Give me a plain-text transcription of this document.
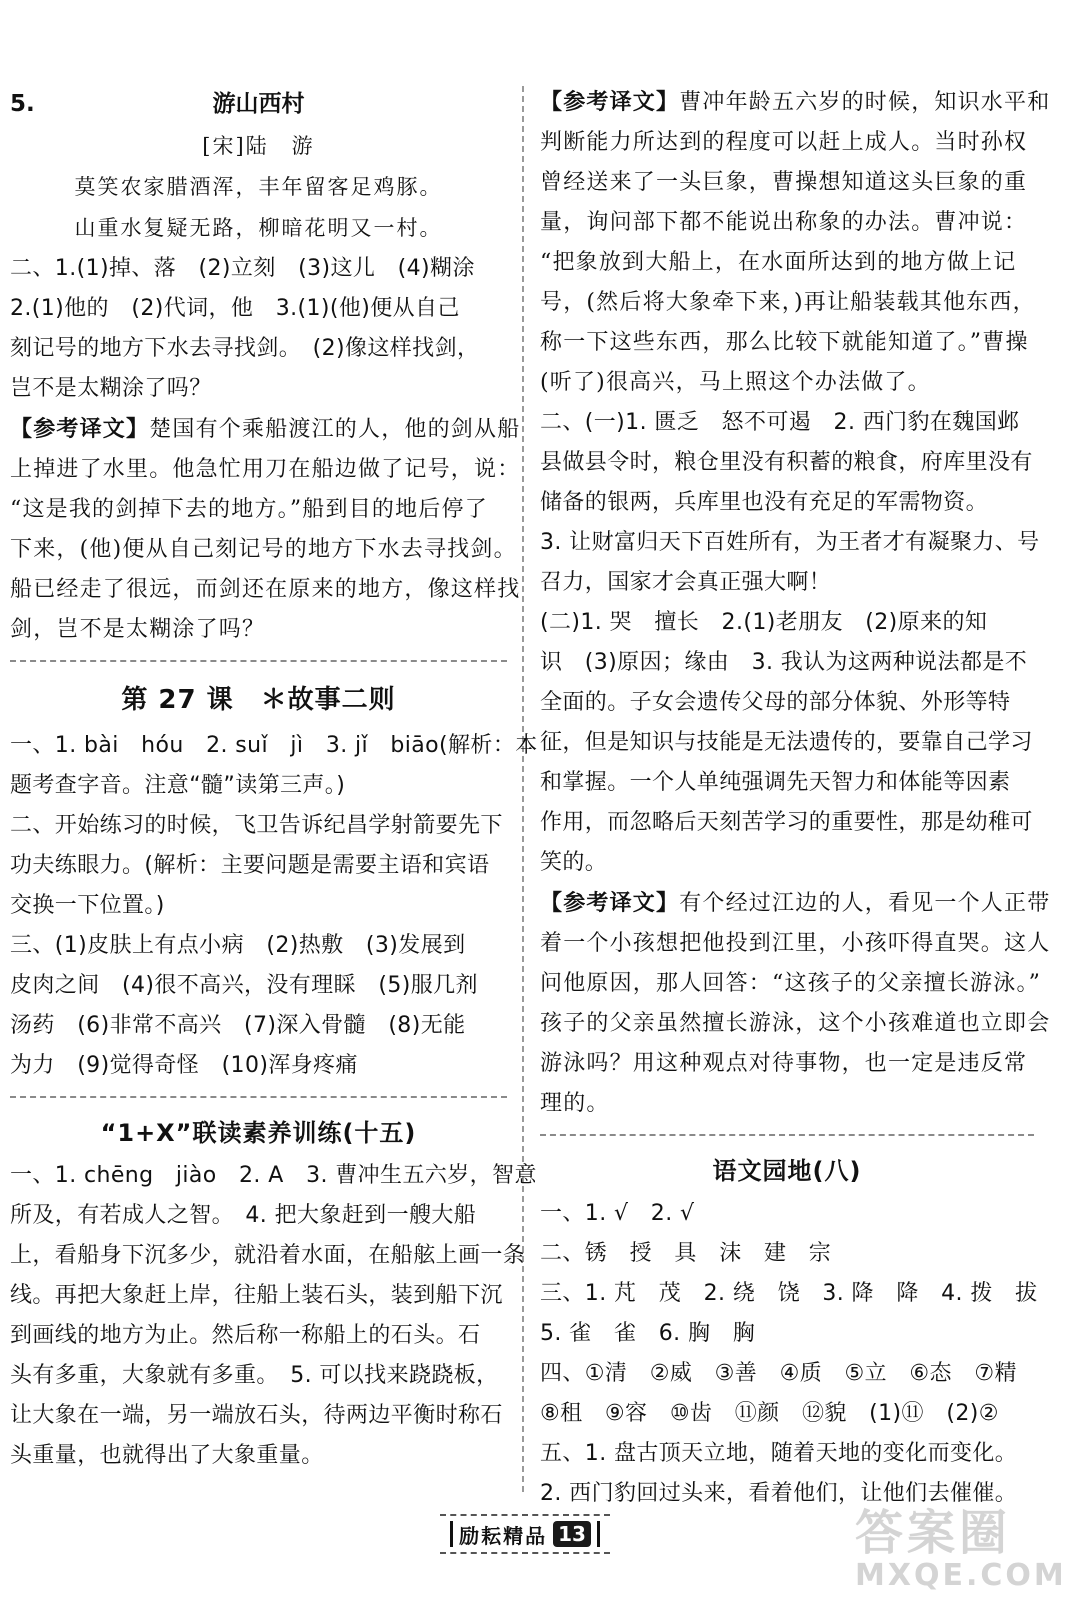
5.	游山西村
[宋]陆　游
莫笑农家腊酒浑，丰年留客足鸡豚。
山重水复疑无路，柳暗花明又一村。
二、1.(1)掉、落　(2)立刻　(3)这儿　(4)糊涂
2.(1)他的　(2)代词，他　3.(1)(他)便从自己
刻记号的地方下水去寻找剑。　(2)像这样找剑，
岂不是太糊涂了吗？
【参考译文】楚国有个乘船渡江的人，他的剑从船
上掉进了水里。他急忙用刀在船边做了记号，说：
“这是我的剑掉下去的地方。”船到目的地后停了
下来，(他)便从自己刻记号的地方下水去寻找剑。
船已经走了很远，而剑还在原来的地方，像这样找
剑，岂不是太糊涂了吗？
第 27 课　＊故事二则
一、1. bài　hóu　2. suǐ　jì　3. jǐ　biāo(解析：本
题考查字音。注意“髓”读第三声。)
二、开始练习的时候，飞卫告诉纪昌学射箭要先下
功夫练眼力。(解析：主要问题是需要主语和宾语
交换一下位置。)
三、(1)皮肤上有点小病　(2)热敷　(3)发展到
皮肉之间　(4)很不高兴，没有理睬　(5)服几剂
汤药　(6)非常不高兴　(7)深入骨髓　(8)无能
为力　(9)觉得奇怪　(10)浑身疼痛
“1+X”联读素养训练(十五)
一、1. chēng　jiào　2. A　3. 曹冲生五六岁，智意
所及，有若成人之智。　4. 把大象赶到一艘大船
上，看船身下沉多少，就沿着水面，在船舷上画一条
线。再把大象赶上岸，往船上装石头，装到船下沉
到画线的地方为止。然后称一称船上的石头。石
头有多重，大象就有多重。　5. 可以找来跷跷板，
让大象在一端，另一端放石头，待两边平衡时称石
头重量，也就得出了大象重量。
【参考译文】曹冲年龄五六岁的时候，知识水平和
判断能力所达到的程度可以赶上成人。当时孙权
曾经送来了一头巨象，曹操想知道这头巨象的重
量，询问部下都不能说出称象的办法。曹冲说：
“把象放到大船上，在水面所达到的地方做上记
号，(然后将大象牵下来，)再让船装载其他东西，
称一下这些东西，那么比较下就能知道了。”曹操
(听了)很高兴，马上照这个办法做了。
二、(一)1. 匮乏　怒不可遏　2. 西门豹在魏国邺
县做县令时，粮仓里没有积蓄的粮食，府库里没有
储备的银两，兵库里也没有充足的军需物资。
3. 让财富归天下百姓所有，为王者才有凝聚力、号
召力，国家才会真正强大啊！
(二)1. 哭　擅长　2.(1)老朋友　(2)原来的知
识　(3)原因；缘由　3. 我认为这两种说法都是不
全面的。子女会遗传父母的部分体貌、外形等特
征，但是知识与技能是无法遗传的，要靠自己学习
和掌握。一个人单纯强调先天智力和体能等因素
作用，而忽略后天刻苦学习的重要性，那是幼稚可
笑的。
【参考译文】有个经过江边的人，看见一个人正带
着一个小孩想把他投到江里，小孩吓得直哭。这人
问他原因，那人回答：“这孩子的父亲擅长游泳。”
孩子的父亲虽然擅长游泳，这个小孩难道也立即会
游泳吗？用这种观点对待事物，也一定是违反常
理的。
语文园地(八)
一、1. √　2. √
二、锈　授　具　沫　建　宗
三、1. 芃　茂　2. 绕　饶　3. 降　降　4. 拨　拔
5. 雀　雀　6. 胸　胸
四、①清　②威　③善　④质　⑤立　⑥态　⑦精
⑧租　⑨容　⑩齿　⑪颜　⑫貌　(1)⑪　(2)②
五、1. 盘古顶天立地，随着天地的变化而变化。
2. 西门豹回过头来，看着他们，让他们去催催。
励耘精品 13	答案圈
MXQE.COM
